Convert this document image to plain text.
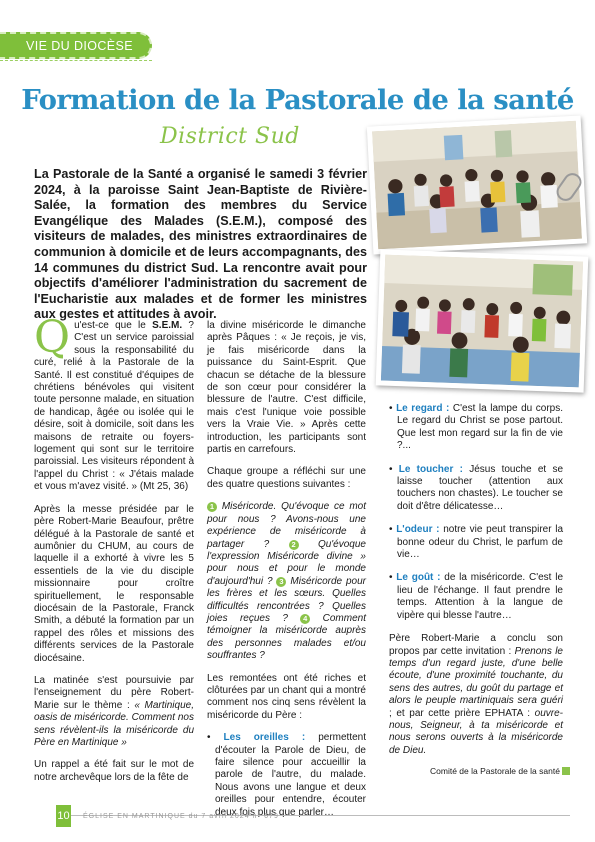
VIE DU DIOCÈSE
Formation de la Pastorale de la santé
District Sud
La Pastorale de la Santé a organisé le samedi 3 février 2024, à la paroisse Saint Jean-Baptiste de Rivière-Salée, la formation des membres du Service Evangélique des Malades (S.E.M.), composé des visiteurs de malades, des ministres extraordinaires de communion à domicile et de leurs accompagnants, des 14 communes du district Sud. La rencontre avait pour objectifs d'améliorer l'administration du sacrement de l'Eucharistie aux malades et de former les ministres aux gestes et attitudes à avoir.

Qu'est-ce que le S.E.M. ? C'est un service paroissial sous la responsabilité du curé, relié à la Pastorale de la Santé. Il est constitué d'équipes de chrétiens bénévoles qui visitent toute personne malade, en situation de handicap, âgée ou isolée qui le désire, soit à domicile, soit dans les maisons de retraite ou foyers-logement qui sont sur le territoire paroissial. Les visiteurs répondent à l'appel du Christ : « J'étais malade et vous m'avez visité. » (Mt 25, 36)

Après la messe présidée par le père Robert-Marie Beaufour, prêtre délégué à la Pastorale de santé et aumônier du CHUM, au cours de laquelle il a exhorté à vivre les 5 essentiels de la vie du disciple missionnaire pour croître spirituellement, le responsable diocésain de la Pastorale, Franck Smith, a débuté la formation par un rappel des rôles et missions des différents services de la Pastorale diocésaine.

La matinée s'est poursuivie par l'enseignement du père Robert-Marie sur le thème : « Martinique, oasis de miséricorde. Comment nos sens révèlent-ils la miséricorde du Père en Martinique »

Un rappel a été fait sur le mot de notre archevêque lors de la fête de

la divine miséricorde le dimanche après Pâques : « Je reçois, je vis, je fais miséricorde dans la puissance du Saint-Esprit. Que chacun se détache de la blessure de son cœur pour considérer la blessure de l'autre. C'est difficile, mais c'est l'unique voie possible vers la Vraie Vie. » Après cette introduction, les participants sont partis en carrefours.

Chaque groupe a réfléchi sur une des quatre questions suivantes :

1 Miséricorde. Qu'évoque ce mot pour nous ? Avons-nous une expérience de miséricorde à partager ?	2 Qu'évoque l'expression Miséricorde divine » pour nous et pour le monde d'aujourd'hui ? 3 Miséricorde pour les frères et les sœurs. Quelles difficultés rencontrées ? Quelles joies reçues ? 4 Comment témoigner la miséricorde auprès des personnes malades et/ou souffrantes ?

Les remontées ont été riches et clôturées par un chant qui a montré comment nos cinq sens révèlent la miséricorde du Père :

• Les oreilles : permettent d'écouter la Parole de Dieu, de faire silence pour accueillir la parole de l'autre, du malade. Nous avons une langue et deux oreilles pour entendre, écouter deux fois plus que parler…

• Le regard : C'est la lampe du corps. Le regard du Christ se pose partout. Que lest mon regard sur la fin de vie ?...

• Le toucher : Jésus touche et se laisse toucher (attention aux touchers non chastes). Le toucher se doit d'être délicatesse…

• L'odeur : notre vie peut transpirer la bonne odeur du Christ, le parfum de vie…

• Le goût : de la miséricorde. C'est le lieu de l'échange. Il faut prendre le temps. Attention à la langue de vipère qui blesse l'autre…

Père Robert-Marie a conclu son propos par cette invitation : Prenons le temps d'un regard juste, d'une belle écoute, d'une proximité touchante, du sens des autres, du goût du partage et alors le peuple martiniquais sera guéri ; et par cette prière EPHATA : ouvre-nous, Seigneur, à ta miséricorde et nous serons ouverts à la miséricorde de Dieu.

Comité de la Pastorale de la santé
10 ÉGLISE EN MARTINIQUE du 7 avril 2024 n° 679
